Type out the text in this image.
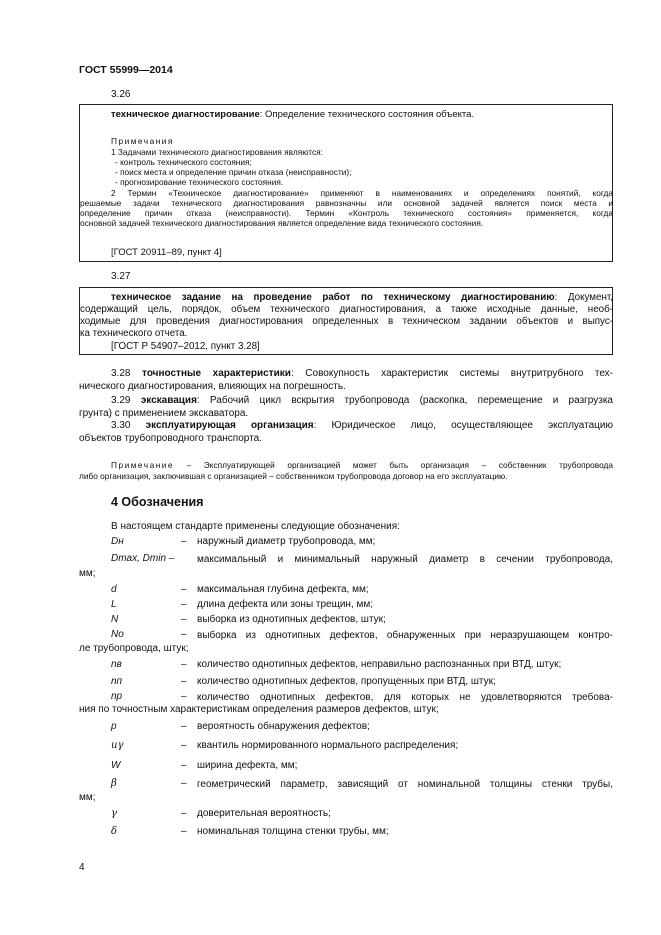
ГОСТ 55999—2014
3.26
техническое диагностирование: Определение технического состояния объекта.
Примечания
1 Задачами технического диагностирования являются:
- контроль технического состояния;
- поиск места и определение причин отказа (неисправности);
- прогнозирование технического состояния.
2 Термин «Техническое диагностирование» применяют в наименованиях и определениях понятий, когда
решаемые задачи технического диагностирования равнозначны или основной задачей является поиск места и
определение причин отказа (неисправности). Термин «Контроль технического состояния» применяется, когда
основной задачей технического диагностирования является определение вида технического состояния.
[ГОСТ 20911–89, пункт 4]
3.27
техническое задание на проведение работ по техническому диагностированию: Документ,
содержащий цель, порядок, объем технического диагностирования, а также исходные данные, необ-
ходимые для проведения диагностирования определенных в техническом задании объектов и выпус-
ка технического отчета.
[ГОСТ Р 54907–2012, пункт 3.28]
3.28 точностные характеристики: Совокупность характеристик системы внутритрубного тех-
нического диагностирования, влияющих на погрешность.
3.29 экскавация: Рабочий цикл вскрытия трубопровода (раскопка, перемещение и разгрузка
грунта) с применением экскаватора.
3.30 эксплуатирующая организация: Юридическое лицо, осуществляющее эксплуатацию
объектов трубопроводного транспорта.
Примечание – Эксплуатирующей организацией может быть организация – собственник трубопровода
либо организация, заключившая с организацией – собственником трубопровода договор на его эксплуатацию.
4 Обозначения
В настоящем стандарте применены следующие обозначения:
Dн	– наружный диаметр трубопровода, мм;
Dmax, Dmin – максимальный и минимальный наружный диаметр в сечении трубопровода,
мм;
d	– максимальная глубина дефекта, мм;
L	– длина дефекта или зоны трещин, мм;
N	– выборка из однотипных дефектов, штук;
No	– выборка из однотипных дефектов, обнаруженных при неразрушающем контро-
ле трубопровода, штук;
nв	– количество однотипных дефектов, неправильно распознанных при ВТД, штук;
nп	– количество однотипных дефектов, пропущенных при ВТД, штук;
nр	– количество однотипных дефектов, для которых не удовлетворяются требова-
ния по точностным характеристикам определения размеров дефектов, штук;
p	– вероятность обнаружения дефектов;
uγ	– квантиль нормированного нормального распределения;
W	– ширина дефекта, мм;
β	– геометрический параметр, зависящий от номинальной толщины стенки трубы,
мм;
γ	– доверительная вероятность;
δ	– номинальная толщина стенки трубы, мм;
4
